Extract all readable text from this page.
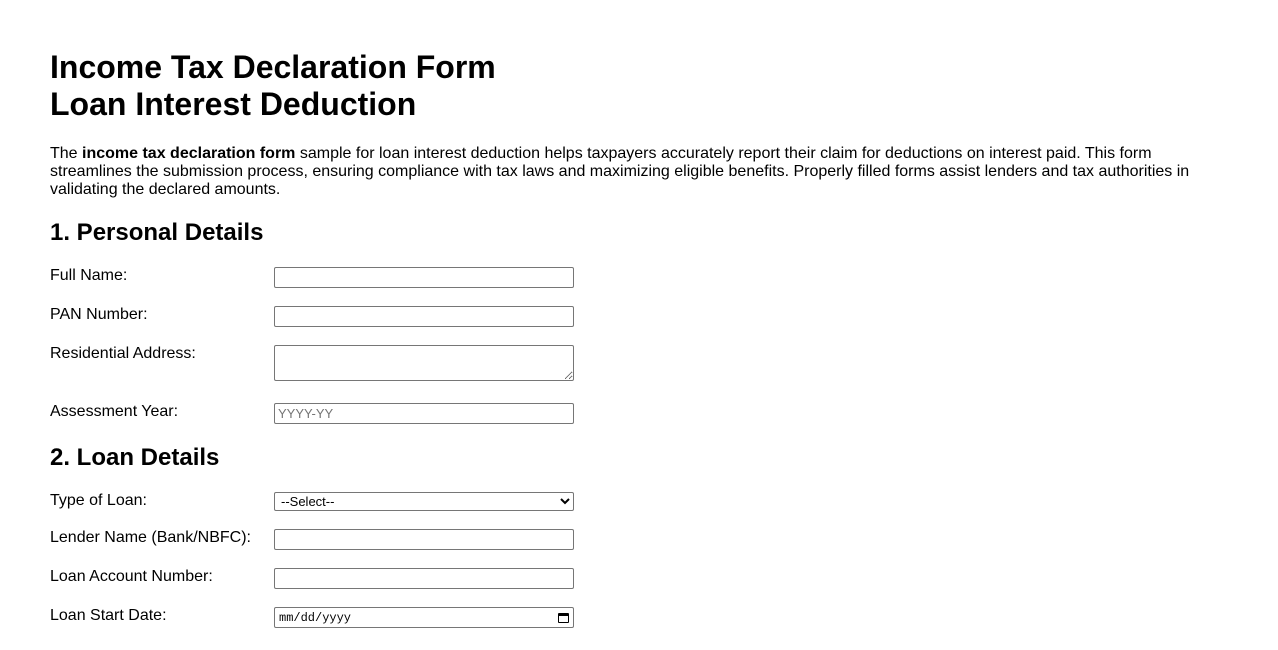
Income Tax Declaration Form
Loan Interest Deduction

The income tax declaration form sample for loan interest deduction helps taxpayers accurately report their claim for deductions on interest paid. This form streamlines the submission process, ensuring compliance with tax laws and maximizing eligible benefits. Properly filled forms assist lenders and tax authorities in validating the declared amounts.

1. Personal Details
Full Name:
PAN Number:
Residential Address:
Assessment Year:
YYYY-YY
2. Loan Details
Type of Loan:
--Select--
Lender Name (Bank/NBFC):
Loan Account Number:
Loan Start Date:	mm/dd/yyyy
